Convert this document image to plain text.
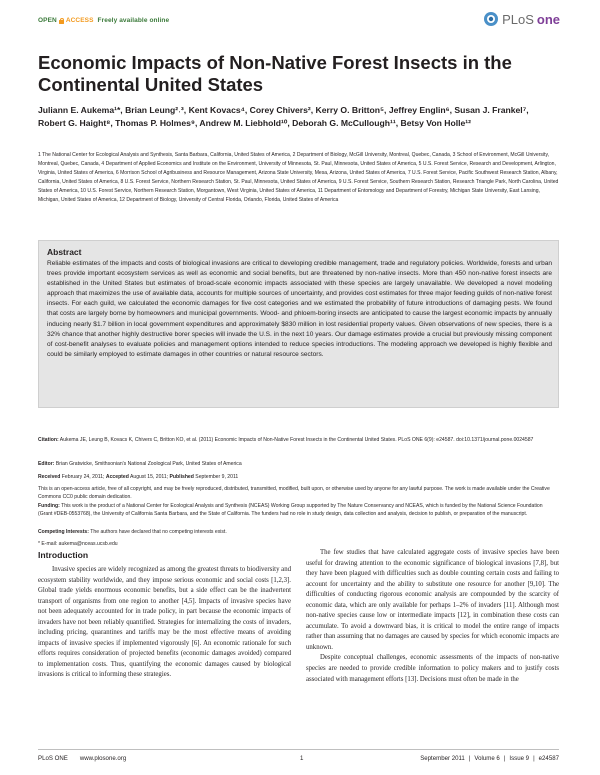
OPEN ACCESS Freely available online	PLoS one
Economic Impacts of Non-Native Forest Insects in the Continental United States
Juliann E. Aukema¹*, Brian Leung²˒³, Kent Kovacs⁴, Corey Chivers², Kerry O. Britton⁵, Jeffrey Englin⁶, Susan J. Frankel⁷, Robert G. Haight⁸, Thomas P. Holmes⁹, Andrew M. Liebhold¹⁰, Deborah G. McCullough¹¹, Betsy Von Holle¹²
1 The National Center for Ecological Analysis and Synthesis, Santa Barbara, California, United States of America, 2 Department of Biology, McGill University, Montreal, Quebec, Canada, 3 School of Environment, McGill University, Montreal, Quebec, Canada, 4 Department of Applied Economics and Institute on the Environment, University of Minnesota, St. Paul, Minnesota, United States of America, 5 U.S. Forest Service, Research and Development, Arlington, Virginia, United States of America, 6 Morrison School of Agribusiness and Resource Management, Arizona State University, Mesa, Arizona, United States of America, 7 U.S. Forest Service, Pacific Southwest Research Station, Albany, California, United States of America, 8 U.S. Forest Service, Northern Research Station, St. Paul, Minnesota, United States of America, 9 U.S. Forest Service, Southern Research Station, Research Triangle Park, North Carolina, United States of America, 10 U.S. Forest Service, Northern Research Station, Morgantown, West Virginia, United States of America, 11 Department of Entomology and Department of Forestry, Michigan State University, East Lansing, Michigan, United States of America, 12 Department of Biology, University of Central Florida, Orlando, Florida, United States of America
Abstract
Reliable estimates of the impacts and costs of biological invasions are critical to developing credible management, trade and regulatory policies. Worldwide, forests and urban trees provide important ecosystem services as well as economic and social benefits, but are threatened by non-native insects. More than 450 non-native forest insects are established in the United States but estimates of broad-scale economic impacts associated with these species are largely unavailable. We developed a novel modeling approach that maximizes the use of available data, accounts for multiple sources of uncertainty, and provides cost estimates for three major feeding guilds of non-native forest insects. For each guild, we calculated the economic damages for five cost categories and we estimated the probability of future introductions of damaging pests. We found that costs are largely borne by homeowners and municipal governments. Wood- and phloem-boring insects are anticipated to cause the largest economic impacts by annually inducing nearly $1.7 billion in local government expenditures and approximately $830 million in lost residential property values. Given observations of new species, there is a 32% chance that another highly destructive borer species will invade the U.S. in the next 10 years. Our damage estimates provide a crucial but previously missing component of cost-benefit analyses to evaluate policies and management options intended to reduce species introductions. The modeling approach we developed is highly flexible and could be similarly employed to estimate damages in other countries or natural resource sectors.
Citation: Aukema JE, Leung B, Kovacs K, Chivers C, Britton KO, et al. (2011) Economic Impacts of Non-Native Forest Insects in the Continental United States. PLoS ONE 6(9): e24587. doi:10.1371/journal.pone.0024587
Editor: Brian Gratwicke, Smithsonian's National Zoological Park, United States of America
Received February 24, 2011; Accepted August 15, 2011; Published September 9, 2011
This is an open-access article, free of all copyright, and may be freely reproduced, distributed, transmitted, modified, built upon, or otherwise used by anyone for any lawful purpose. The work is made available under the Creative Commons CC0 public domain dedication.
Funding: This work is the product of a National Center for Ecological Analysis and Synthesis (NCEAS) Working Group supported by The Nature Conservancy and NCEAS, which is funded by the National Science Foundation (Grant #DEB-0553768), the University of California Santa Barbara, and the State of California. The funders had no role in study design, data collection and analysis, decision to publish, or preparation of the manuscript.
Competing Interests: The authors have declared that no competing interests exist.
* E-mail: aukema@nceas.ucsb.edu
Introduction

Invasive species are widely recognized as among the greatest threats to biodiversity and ecosystem stability worldwide, and they impose serious economic and social costs [1,2,3]. Global trade yields enormous economic benefits, but a side effect can be the inadvertent transport of organisms from one region to another [4,5]. Impacts of invasive species have not been adequately accounted for in trade policy, in part because the economic impacts of invaders have not been reliably quantified. Strategies for internalizing the costs of invaders, including pricing, quarantines and tariffs may be the most effective means of avoiding impacts of invasive species if implemented vigorously [6]. An economic rationale for such efforts requires consideration of projected benefits (economic damages avoided) compared to implementation costs. Thus, quantifying the economic damages caused by biological invasions is critical to informing these strategies.

The few studies that have calculated aggregate costs of invasive species have been useful for drawing attention to the economic significance of biological invasions [7,8], but they have been plagued with difficulties such as double counting certain costs and failing to account for uncertainty and the ability to substitute one resource for another [9,10]. The difficulties of conducting rigorous economic analysis are compounded by the scarcity of economic data, which are only available for perhaps 1–2% of invaders [11]. Although most non-native species cause low or intermediate impacts [12], in combination these costs can accumulate. To avoid a downward bias, it is critical to model the entire range of impacts rather than assuming that no damages are caused by species for which economic impacts are unknown.

Despite conceptual challenges, economic assessments of the impacts of non-native species are needed to provide credible information to policy makers and to justify costs associated with management efforts [13]. Decisions must often be made in the

PLoS ONE www.plosone.org	1	September 2011 | Volume 6 | Issue 9 | e24587
